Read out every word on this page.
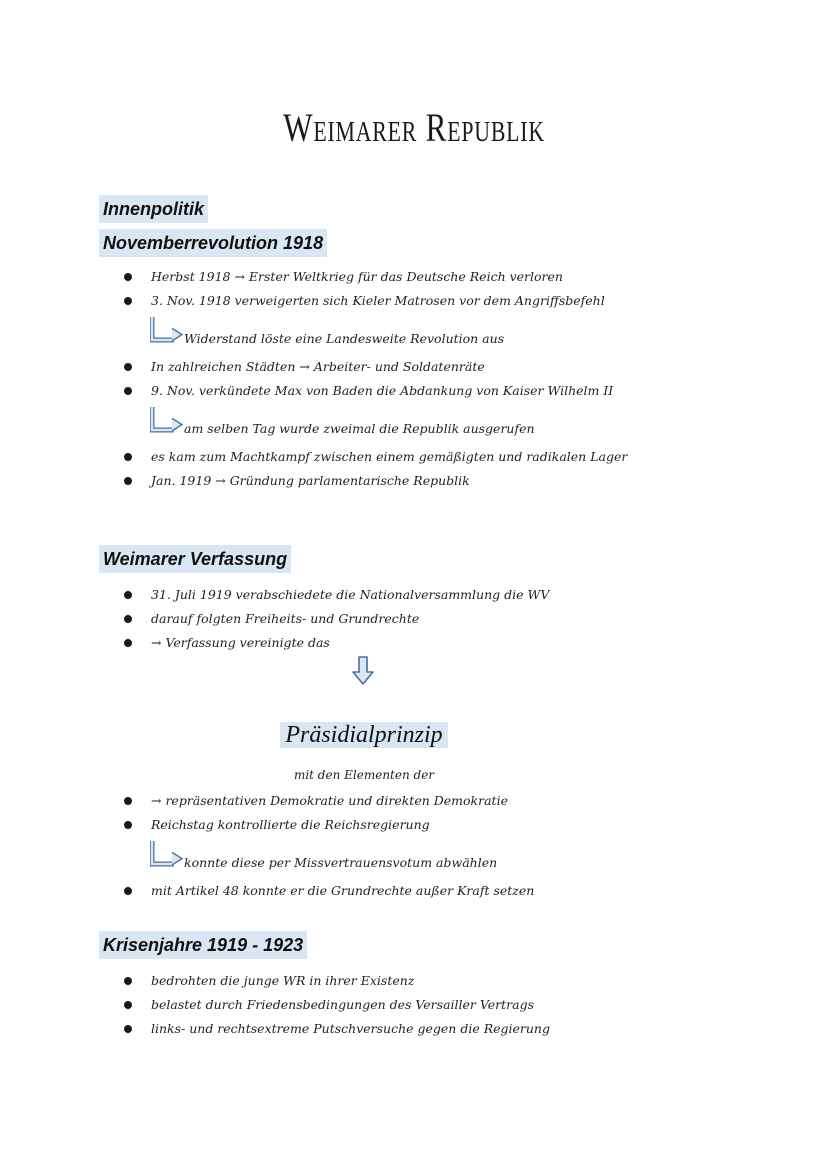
Weimarer Republik
Innenpolitik
Novemberrevolution 1918
Herbst 1918 → Erster Weltkrieg für das Deutsche Reich verloren
3. Nov. 1918 verweigerten sich Kieler Matrosen vor dem Angriffsbefehl
Widerstand löste eine Landesweite Revolution aus
In zahlreichen Städten → Arbeiter- und Soldatenräte
9. Nov. verkündete Max von Baden die Abdankung von Kaiser Wilhelm II
am selben Tag wurde zweimal die Republik ausgerufen
es kam zum Machtkampf zwischen einem gemäßigten und radikalen Lager
Jan. 1919 → Gründung parlamentarische Republik
Weimarer Verfassung
31. Juli 1919 verabschiedete die Nationalversammlung die WV
darauf folgten Freiheits- und Grundrechte
→ Verfassung vereinigte das
Präsidialprinzip
mit den Elementen der
→ repräsentativen Demokratie und direkten Demokratie
Reichstag kontrollierte die Reichsregierung
konnte diese per Missvertrauensvotum abwählen
mit Artikel 48 konnte er die Grundrechte außer Kraft setzen
Krisenjahre 1919 - 1923
bedrohten die junge WR in ihrer Existenz
belastet durch Friedensbedingungen des Versailler Vertrags
links- und rechtsextreme Putschversuche gegen die Regierung
